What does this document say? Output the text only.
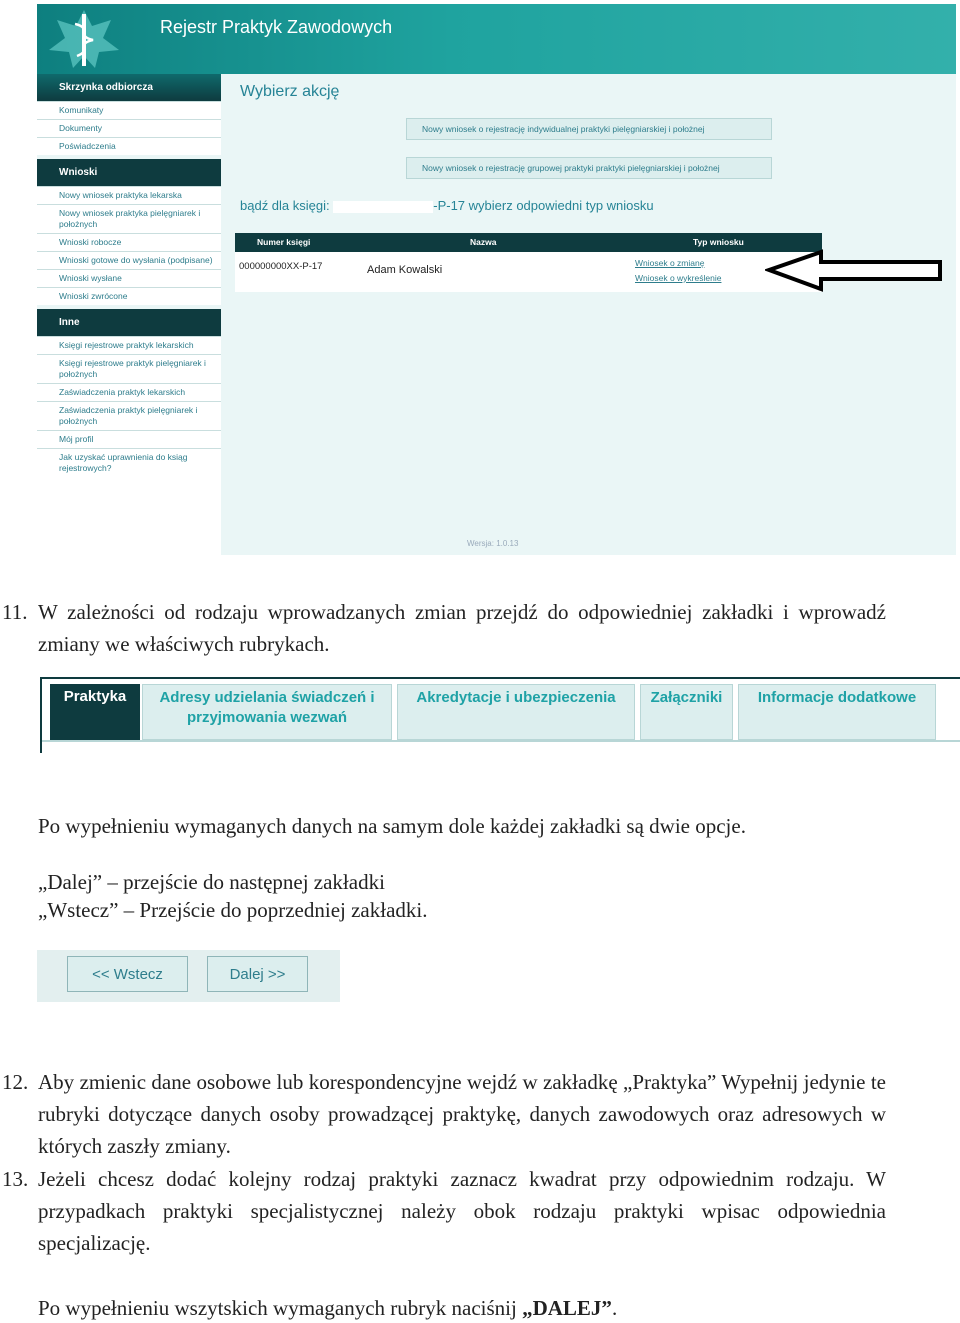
Rejestr Praktyk Zawodowych
Skrzynka odbiorcza
Komunikaty
Dokumenty
Poświadczenia
Wnioski
Nowy wniosek praktyka lekarska
Nowy wniosek praktyka pielęgniarek i położnych
Wnioski robocze
Wnioski gotowe do wysłania (podpisane)
Wnioski wysłane
Wnioski zwrócone
Inne
Księgi rejestrowe praktyk lekarskich
Księgi rejestrowe praktyk pielęgniarek i położnych
Zaświadczenia praktyk lekarskich
Zaświadczenia praktyk pielęgniarek i położnych
Mój profil
Jak uzyskać uprawnienia do ksiąg rejestrowych?
Wybierz akcję
Nowy wniosek o rejestrację indywidualnej praktyki pielęgniarskiej i położnej
Nowy wniosek o rejestrację grupowej praktyki praktyki pielęgniarskiej i położnej
bądź dla księgi:	-P-17 wybierz odpowiedni typ wniosku
Numer księgi	Nazwa	Typ wniosku
000000000XX-P-17	Adam Kowalski
Wniosek o zmianę
Wniosek o wykreślenie
Wersja: 1.0.13
11. W zależności od rodzaju wprowadzanych zmian przejdź do odpowiedniej zakładki i wprowadź zmiany we właściwych rubrykach.
Praktyka	Adresy udzielania świadczeń i przyjmowania wezwań
Akredytacje i ubezpieczenia	Załączniki	Informacje dodatkowe
Po wypełnieniu wymaganych danych na samym dole każdej zakładki są dwie opcje.
„Dalej” – przejście do następnej zakładki
„Wstecz” – Przejście do poprzedniej zakładki.
<< Wstecz	Dalej >>
12. Aby zmienic dane osobowe lub korespondencyjne wejdź w zakładkę „Praktyka” Wypełnij jedynie te rubryki dotyczące danych osoby prowadzącej praktykę, danych zawodowych oraz adresowych w których zaszły zmiany.
13. Jeżeli chcesz dodać kolejny rodzaj praktyki zaznacz kwadrat przy odpowiednim rodzaju. W przypadkach praktyki specjalistycznej należy obok rodzaju praktyki wpisac odpowiednia specjalizację.
Po wypełnieniu wszytskich wymaganych rubryk naciśnij „DALEJ”.
